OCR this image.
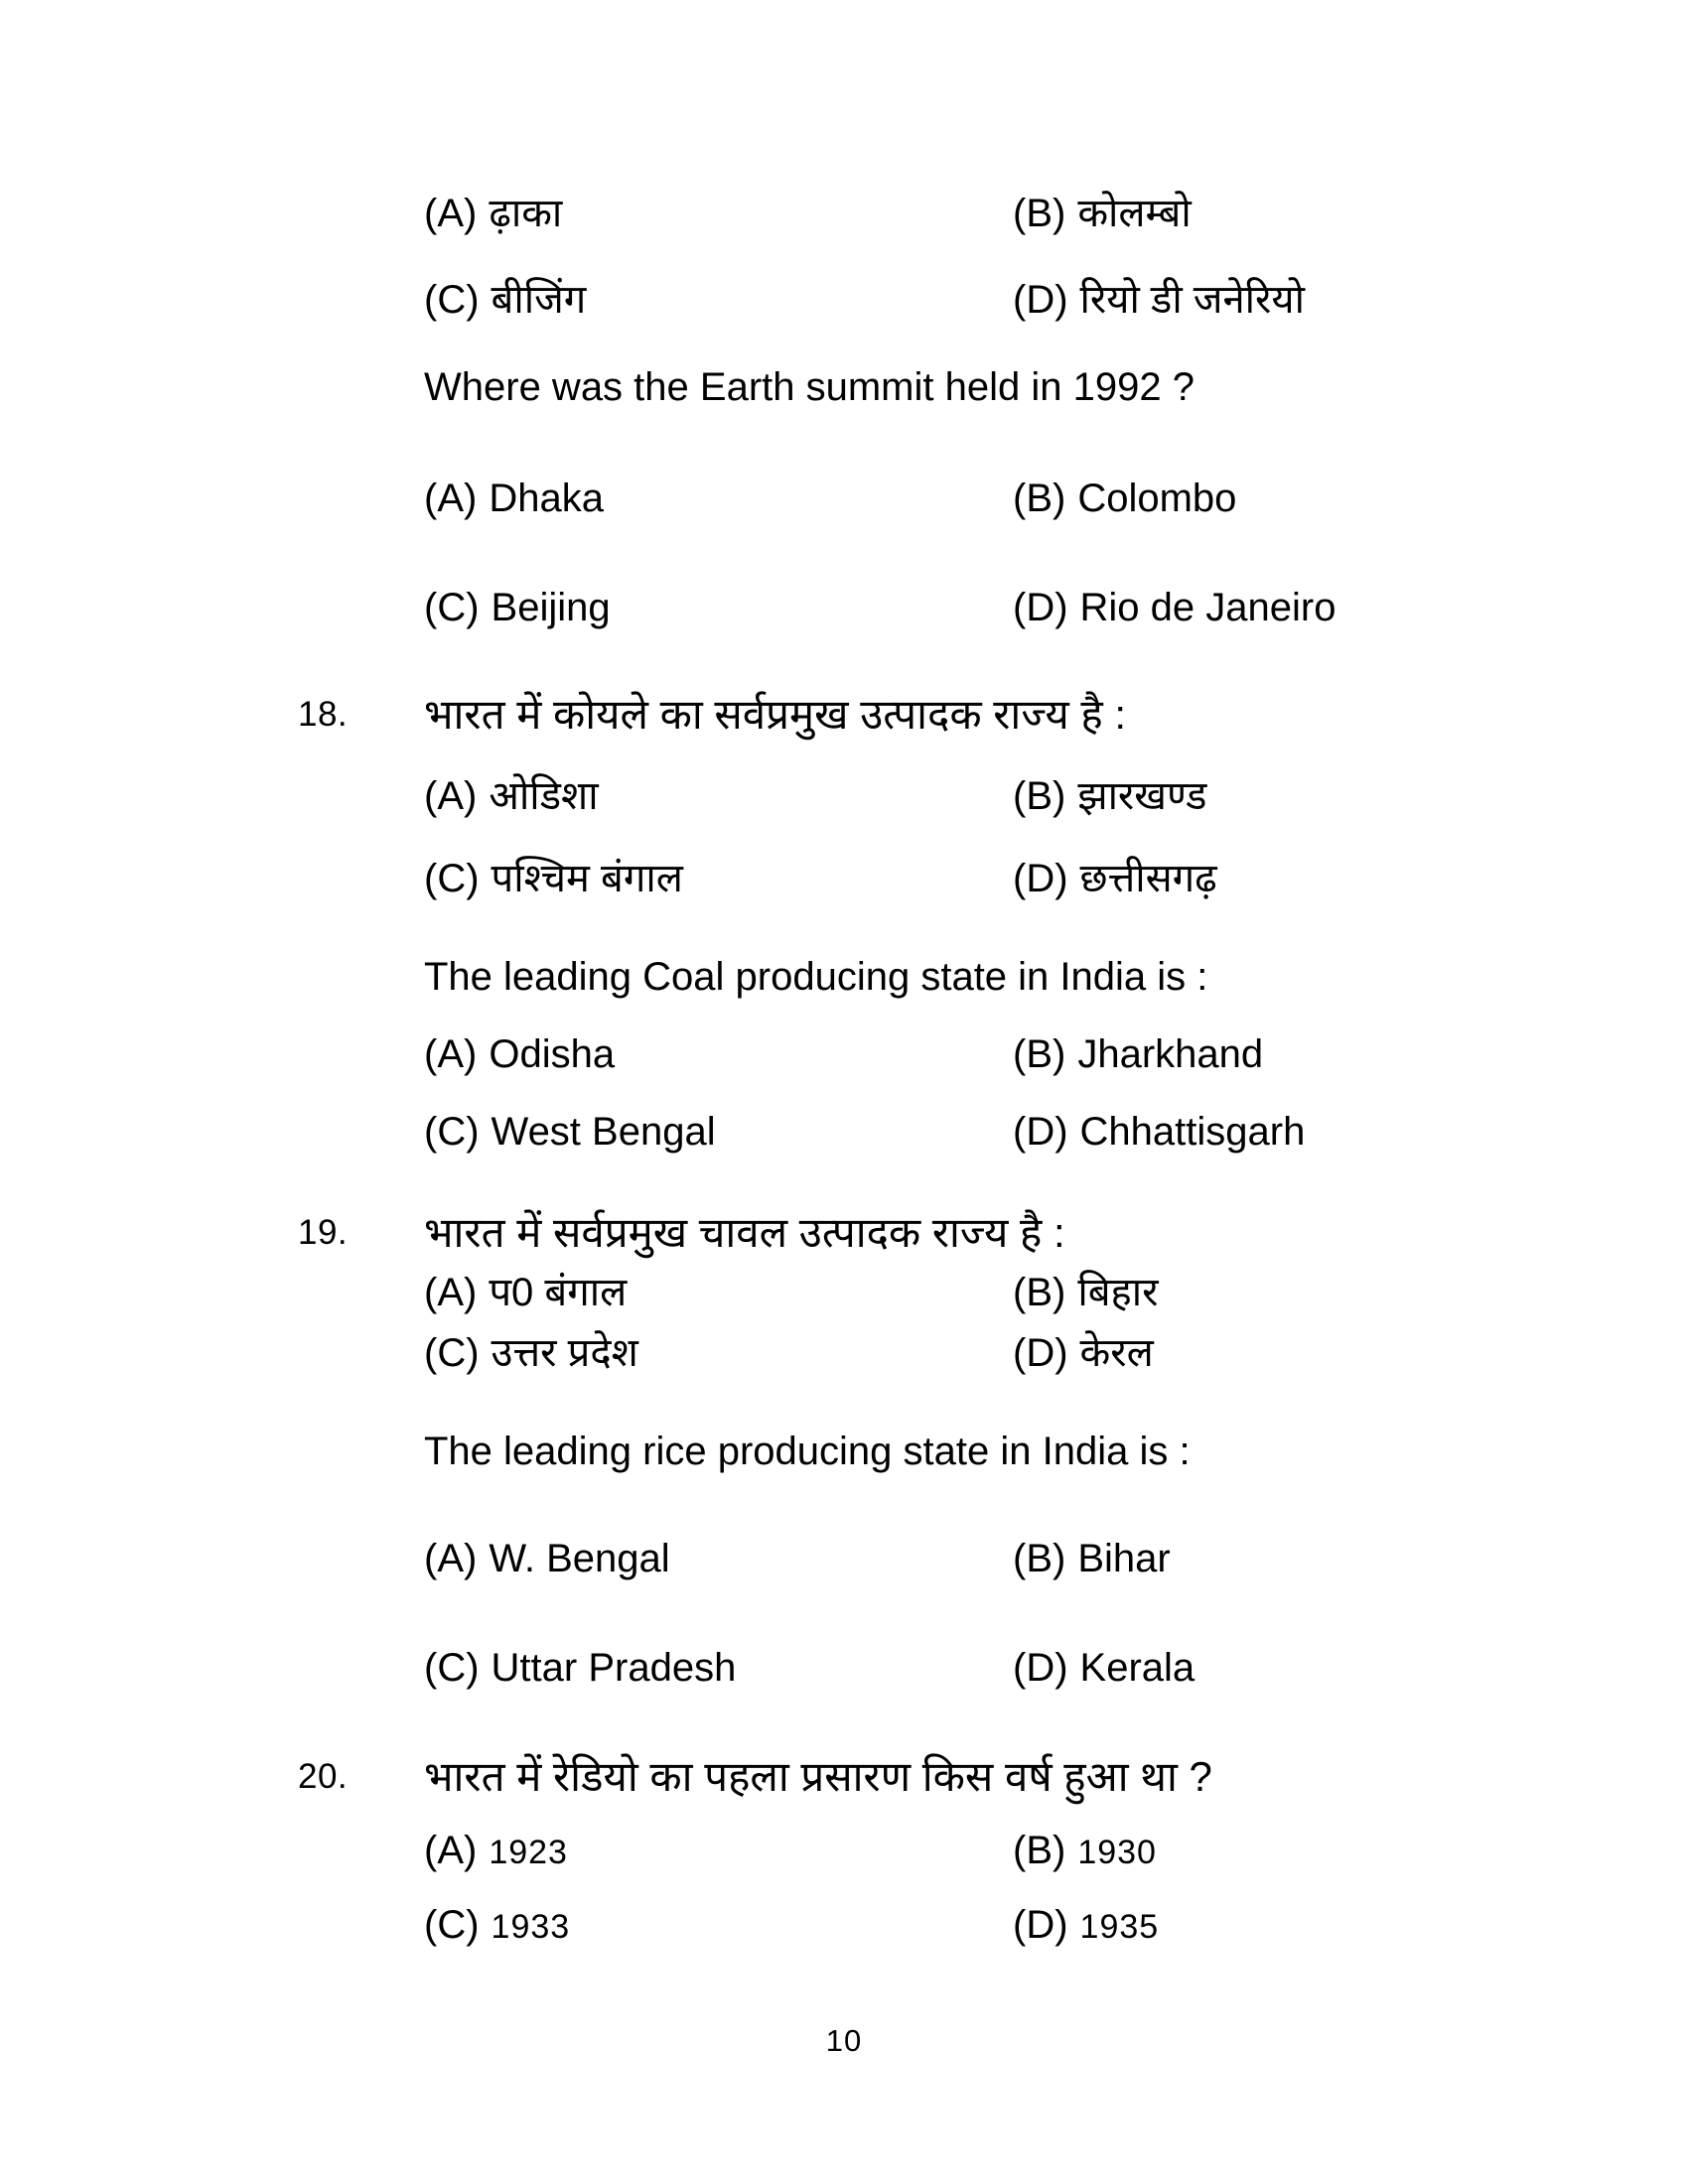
(A) ढ़ाका	(B) कोलम्बो
(C) बीजिंग	(D) रियो डी जनेरियो
Where was the Earth summit held in 1992 ?
(A) Dhaka	(B) Colombo
(C) Beijing	(D) Rio de Janeiro
18. भारत में कोयले का सर्वप्रमुख उत्पादक राज्य है :
(A) ओडिशा	(B) झारखण्ड
(C) पश्चिम बंगाल	(D) छत्तीसगढ़
The leading Coal producing state in India is :
(A) Odisha	(B) Jharkhand
(C) West Bengal	(D) Chhattisgarh
19. भारत में सर्वप्रमुख चावल उत्पादक राज्य है :
(A) प0 बंगाल	(B) बिहार
(C) उत्तर प्रदेश	(D) केरल
The leading rice producing state in India is :
(A) W. Bengal	(B) Bihar
(C) Uttar Pradesh	(D) Kerala
20. भारत में रेडियो का पहला प्रसारण किस वर्ष हुआ था ?
(A) 1923	(B) 1930
(C) 1933	(D) 1935
10
